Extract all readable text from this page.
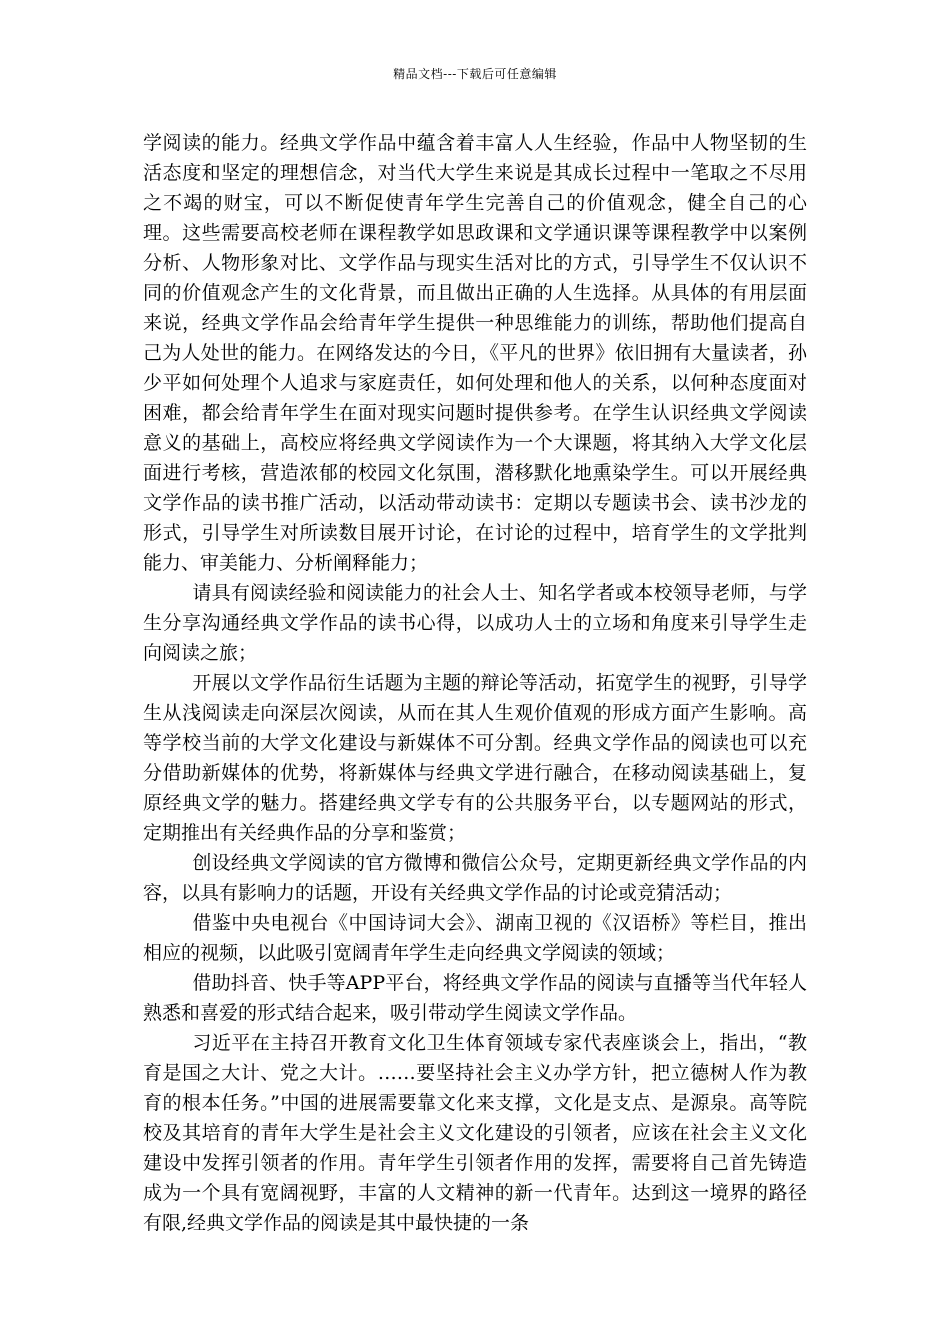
精品文档---下载后可任意编辑

学阅读的能力。经典文学作品中蕴含着丰富人人生经验，作品中人物坚韧的生活态度和坚定的理想信念，对当代大学生来说是其成长过程中一笔取之不尽用之不竭的财宝，可以不断促使青年学生完善自己的价值观念，健全自己的心理。这些需要高校老师在课程教学如思政课和文学通识课等课程教学中以案例分析、人物形象对比、文学作品与现实生活对比的方式，引导学生不仅认识不同的价值观念产生的文化背景，而且做出正确的人生选择。从具体的有用层面来说，经典文学作品会给青年学生提供一种思维能力的训练，帮助他们提高自己为人处世的能力。在网络发达的今日，《平凡的世界》依旧拥有大量读者，孙少平如何处理个人追求与家庭责任，如何处理和他人的关系，以何种态度面对困难，都会给青年学生在面对现实问题时提供参考。在学生认识经典文学阅读意义的基础上，高校应将经典文学阅读作为一个大课题，将其纳入大学文化层面进行考核，营造浓郁的校园文化氛围，潜移默化地熏染学生。可以开展经典文学作品的读书推广活动，以活动带动读书：定期以专题读书会、读书沙龙的形式，引导学生对所读数目展开讨论，在讨论的过程中，培育学生的文学批判能力、审美能力、分析阐释能力；

请具有阅读经验和阅读能力的社会人士、知名学者或本校领导老师，与学生分享沟通经典文学作品的读书心得，以成功人士的立场和角度来引导学生走向阅读之旅；

开展以文学作品衍生话题为主题的辩论等活动，拓宽学生的视野，引导学生从浅阅读走向深层次阅读，从而在其人生观价值观的形成方面产生影响。高等学校当前的大学文化建设与新媒体不可分割。经典文学作品的阅读也可以充分借助新媒体的优势，将新媒体与经典文学进行融合，在移动阅读基础上，复原经典文学的魅力。搭建经典文学专有的公共服务平台，以专题网站的形式，定期推出有关经典作品的分享和鉴赏；

创设经典文学阅读的官方微博和微信公众号，定期更新经典文学作品的内容，以具有影响力的话题，开设有关经典文学作品的讨论或竞猜活动；

借鉴中央电视台《中国诗词大会》、湖南卫视的《汉语桥》等栏目，推出相应的视频，以此吸引宽阔青年学生走向经典文学阅读的领域；

借助抖音、快手等APP平台，将经典文学作品的阅读与直播等当代年轻人熟悉和喜爱的形式结合起来，吸引带动学生阅读文学作品。

习近平在主持召开教育文化卫生体育领域专家代表座谈会上，指出，“教育是国之大计、党之大计。……要坚持社会主义办学方针，把立德树人作为教育的根本任务。”中国的进展需要靠文化来支撑，文化是支点、是源泉。高等院校及其培育的青年大学生是社会主义文化建设的引领者，应该在社会主义文化建设中发挥引领者的作用。青年学生引领者作用的发挥，需要将自己首先铸造成为一个具有宽阔视野，丰富的人文精神的新一代青年。达到这一境界的路径有限,经典文学作品的阅读是其中最快捷的一条
